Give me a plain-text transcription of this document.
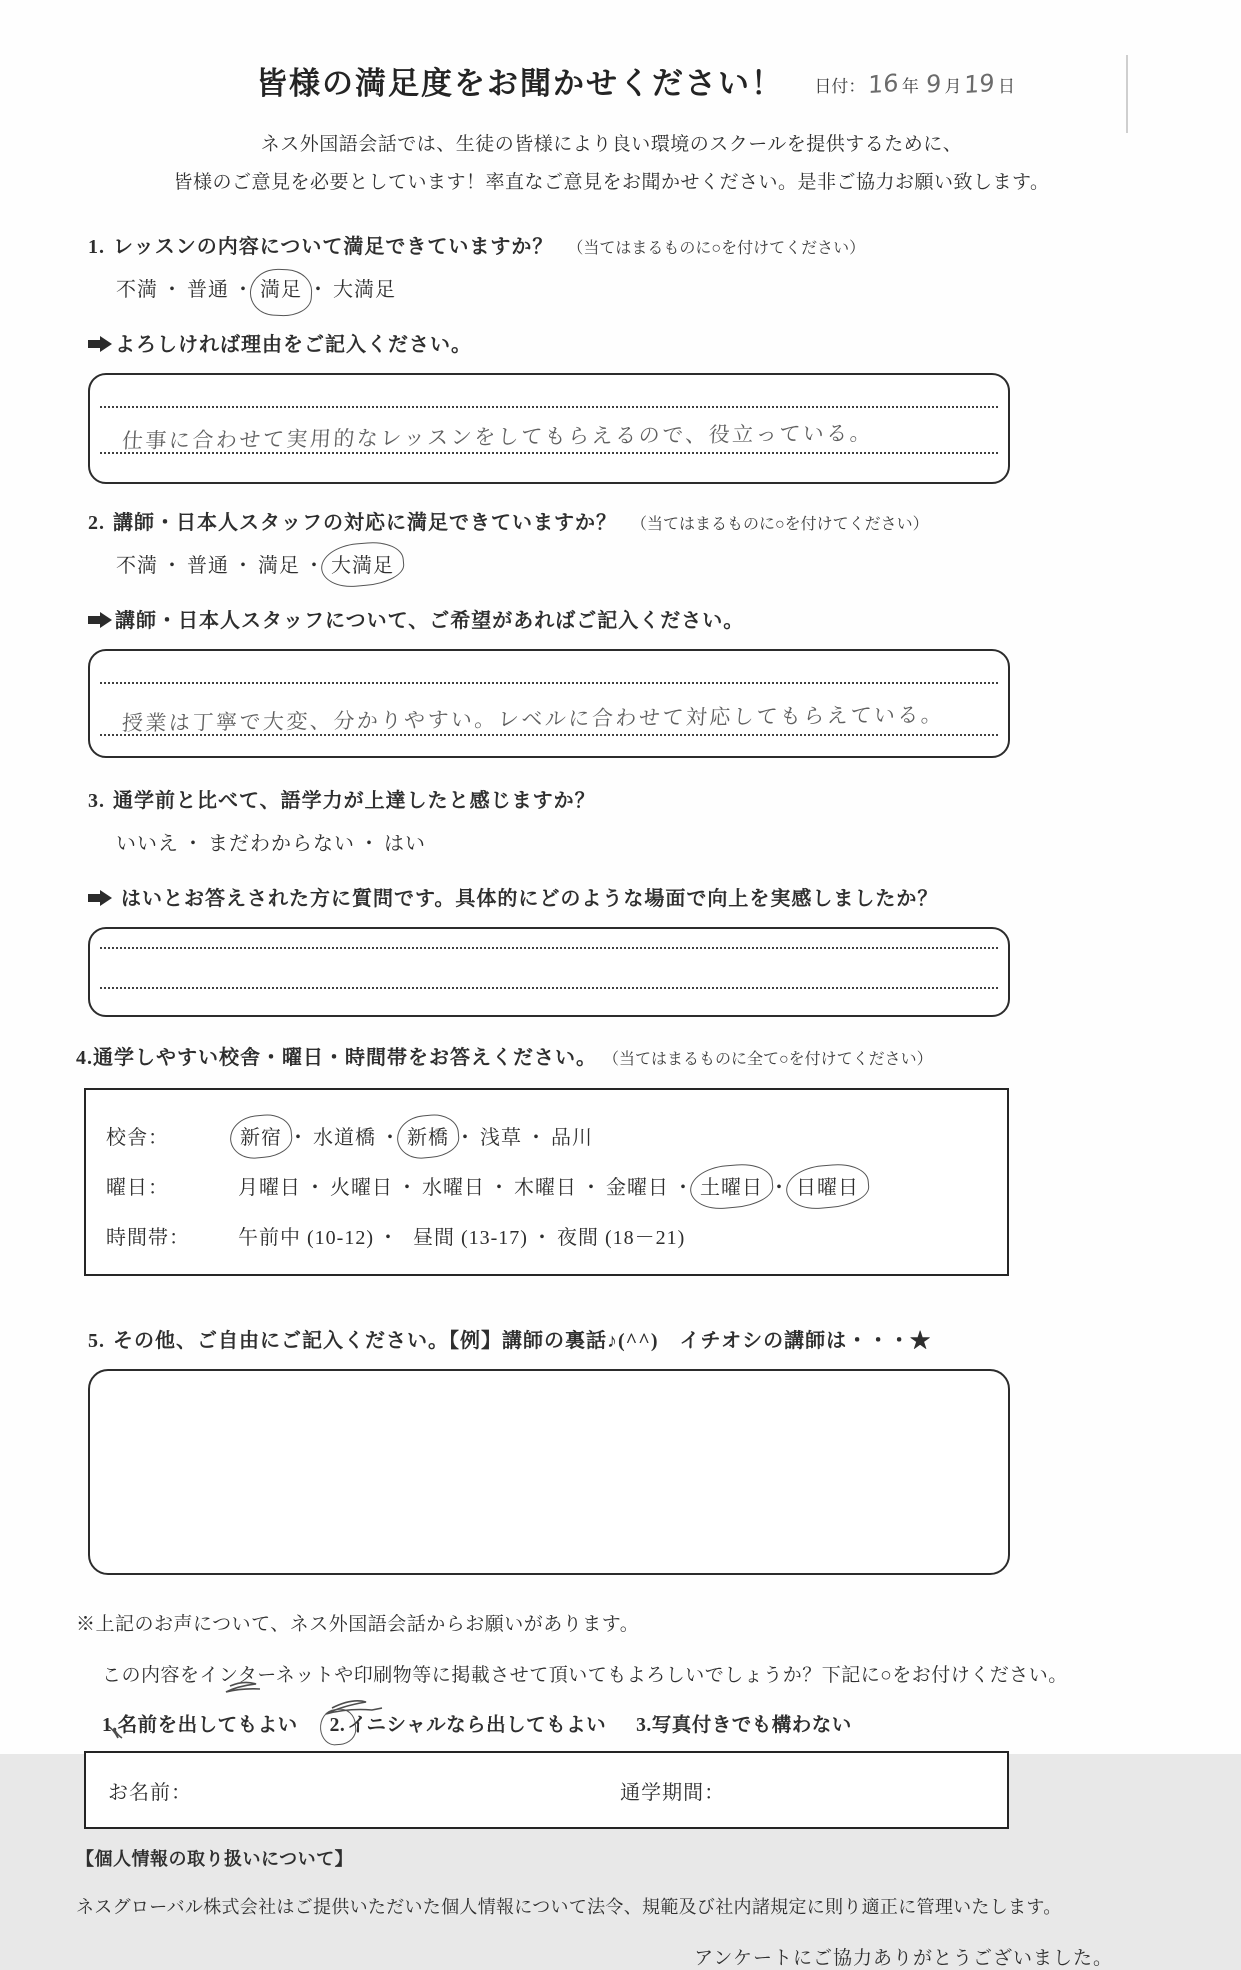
皆様の満足度をお聞かせください！ 日付： 16 年 9 月 19 日
ネス外国語会話では、生徒の皆様により良い環境のスクールを提供するために、
皆様のご意見を必要としています！率直なご意見をお聞かせください。是非ご協力お願い致します。
1. レッスンの内容について満足できていますか？ （当てはまるものに○を付けてください）
不満 ・ 普通 ・ 満足 ・ 大満足
よろしければ理由をご記入ください。
仕事に合わせて実用的なレッスンをしてもらえるので、役立っている。
2. 講師・日本人スタッフの対応に満足できていますか？ （当てはまるものに○を付けてください）
不満 ・ 普通 ・ 満足 ・ 大満足
講師・日本人スタッフについて、ご希望があればご記入ください。
授業は丁寧で大変、分かりやすい。レベルに合わせて対応してもらえている。
3. 通学前と比べて、語学力が上達したと感じますか？
いいえ ・ まだわからない ・ はい
はいとお答えされた方に質問です。具体的にどのような場面で向上を実感しましたか？
4.通学しやすい校舎・曜日・時間帯をお答えください。 （当てはまるものに全て○を付けてください）
校舎：	新宿 ・ 水道橋 ・ 新橋 ・ 浅草 ・ 品川
曜日：	月曜日 ・ 火曜日 ・ 水曜日 ・ 木曜日 ・ 金曜日 ・ 土曜日 ・ 日曜日
時間帯：	午前中 (10-12) ・ 昼間 (13-17) ・ 夜間 (18－21)
5. その他、ご自由にご記入ください。【例】講師の裏話♪(^^)　イチオシの講師は・・・★
※上記のお声について、ネス外国語会話からお願いがあります。
この内容をインターネットや印刷物等に掲載させて頂いてもよろしいでしょうか？下記に○をお付けください。
1.名前を出してもよい 2. イニシャルなら出してもよい 3.写真付きでも構わない
お名前：	通学期間：
【個人情報の取り扱いについて】
ネスグローバル株式会社はご提供いただいた個人情報について法令、規範及び社内諸規定に則り適正に管理いたします。
アンケートにご協力ありがとうございました。
